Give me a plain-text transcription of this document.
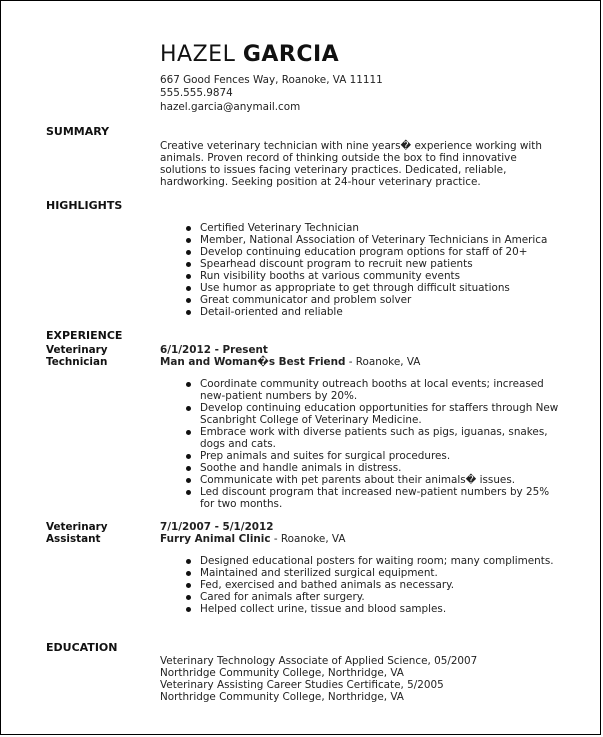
HAZEL GARCIA
667 Good Fences Way, Roanoke, VA 11111
555.555.9874
hazel.garcia@anymail.com
SUMMARY
Creative veterinary technician with nine years� experience working with animals. Proven record of thinking outside the box to find innovative solutions to issues facing veterinary practices. Dedicated, reliable, hardworking. Seeking position at 24-hour veterinary practice.
HIGHLIGHTS
Certified Veterinary Technician
Member, National Association of Veterinary Technicians in America
Develop continuing education program options for staff of 20+
Spearhead discount program to recruit new patients
Run visibility booths at various community events
Use humor as appropriate to get through difficult situations
Great communicator and problem solver
Detail-oriented and reliable
EXPERIENCE
Veterinary Technician
6/1/2012 - Present
Man and Woman�s Best Friend - Roanoke, VA
Coordinate community outreach booths at local events; increased new-patient numbers by 20%.
Develop continuing education opportunities for staffers through New Scanbright College of Veterinary Medicine.
Embrace work with diverse patients such as pigs, iguanas, snakes, dogs and cats.
Prep animals and suites for surgical procedures.
Soothe and handle animals in distress.
Communicate with pet parents about their animals� issues.
Led discount program that increased new-patient numbers by 25% for two months.
Veterinary Assistant
7/1/2007 - 5/1/2012
Furry Animal Clinic - Roanoke, VA
Designed educational posters for waiting room; many compliments.
Maintained and sterilized surgical equipment.
Fed, exercised and bathed animals as necessary.
Cared for animals after surgery.
Helped collect urine, tissue and blood samples.
EDUCATION
Veterinary Technology Associate of Applied Science, 05/2007
Northridge Community College, Northridge, VA
Veterinary Assisting Career Studies Certificate, 5/2005
Northridge Community College, Northridge, VA
